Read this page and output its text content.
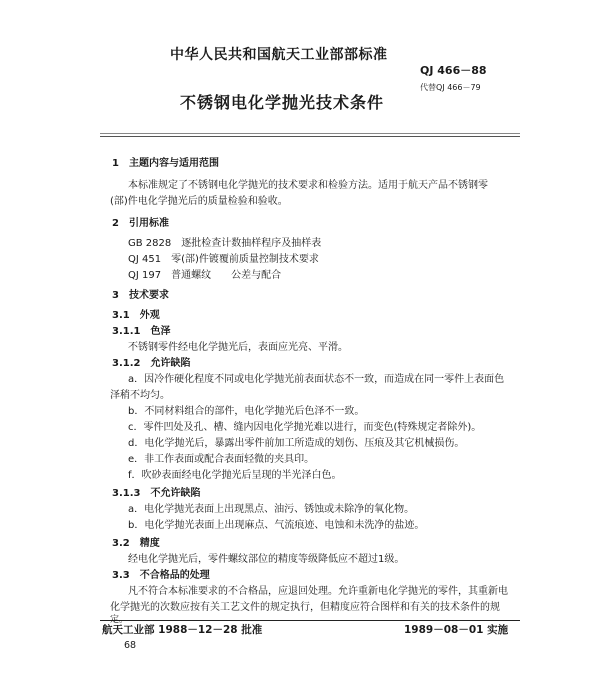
中华人民共和国航天工业部部标准
QJ 466－88
代替QJ 466－79
不锈钢电化学抛光技术条件
1　主题内容与适用范围
本标准规定了不锈钢电化学抛光的技术要求和检验方法。适用于航天产品不锈钢零
(部)件电化学抛光后的质量检验和验收。
2　引用标准
GB 2828　逐批检查计数抽样程序及抽样表
QJ 451　零(部)件镀覆前质量控制技术要求
QJ 197　普通螺纹　　公差与配合
3　技术要求
3.1　外观
3.1.1　色泽
不锈钢零件经电化学抛光后，表面应光亮、平滑。
3.1.2　允许缺陷
a．因冷作硬化程度不同或电化学抛光前表面状态不一致，而造成在同一零件上表面色
泽稍不均匀。
b．不同材料组合的部件，电化学抛光后色泽不一致。
c．零件凹处及孔、槽、缝内因电化学抛光难以进行，而变色(特殊规定者除外)。
d．电化学抛光后，暴露出零件前加工所造成的划伤、压痕及其它机械损伤。
e．非工作表面或配合表面轻微的夹具印。
f．吹砂表面经电化学抛光后呈现的半光泽白色。
3.1.3　不允许缺陷
a．电化学抛光表面上出现黑点、油污、锈蚀或未除净的氧化物。
b．电化学抛光表面上出现麻点、气流痕迹、电蚀和未洗净的盐迹。
3.2　精度
经电化学抛光后，零件螺纹部位的精度等级降低应不超过1级。
3.3　不合格品的处理
凡不符合本标准要求的不合格品，应退回处理。允许重新电化学抛光的零件，其重新电
化学抛光的次数应按有关工艺文件的规定执行，但精度应符合图样和有关的技术条件的规
定。
航天工业部 1988－12－28 批准	1989－08－01 实施
68
